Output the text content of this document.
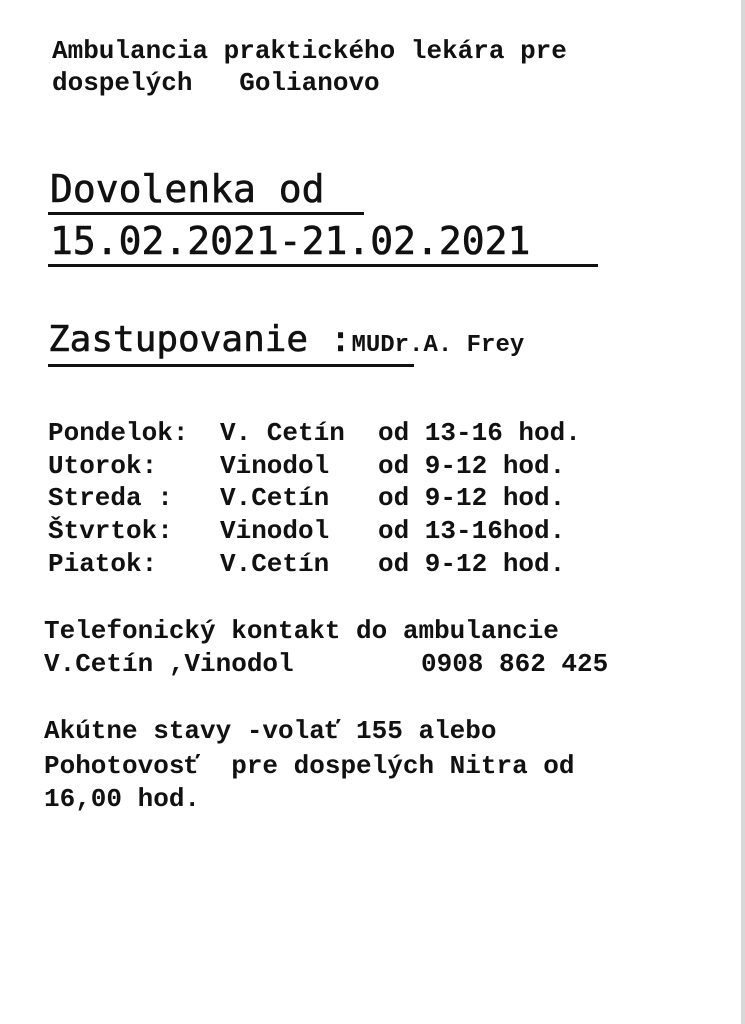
Ambulancia praktického lekára pre

dospelých   Golianovo

Dovolenka od

15.02.2021-21.02.2021

Zastupovanie :MUDr.A. Frey

Pondelok:

V. Cetín

od 13-16 hod.

Utorok:

Vinodol

od 9-12 hod.

Streda :

V.Cetín

od 9-12 hod.

Štvrtok:

Vinodol

od 13-16hod.

Piatok:

V.Cetín

od 9-12 hod.

Telefonický kontakt do ambulancie

V.Cetín ,Vinodol	0908 862 425

Akútne stavy -volať 155 alebo

Pohotovosť  pre dospelých Nitra od

16,00 hod.
